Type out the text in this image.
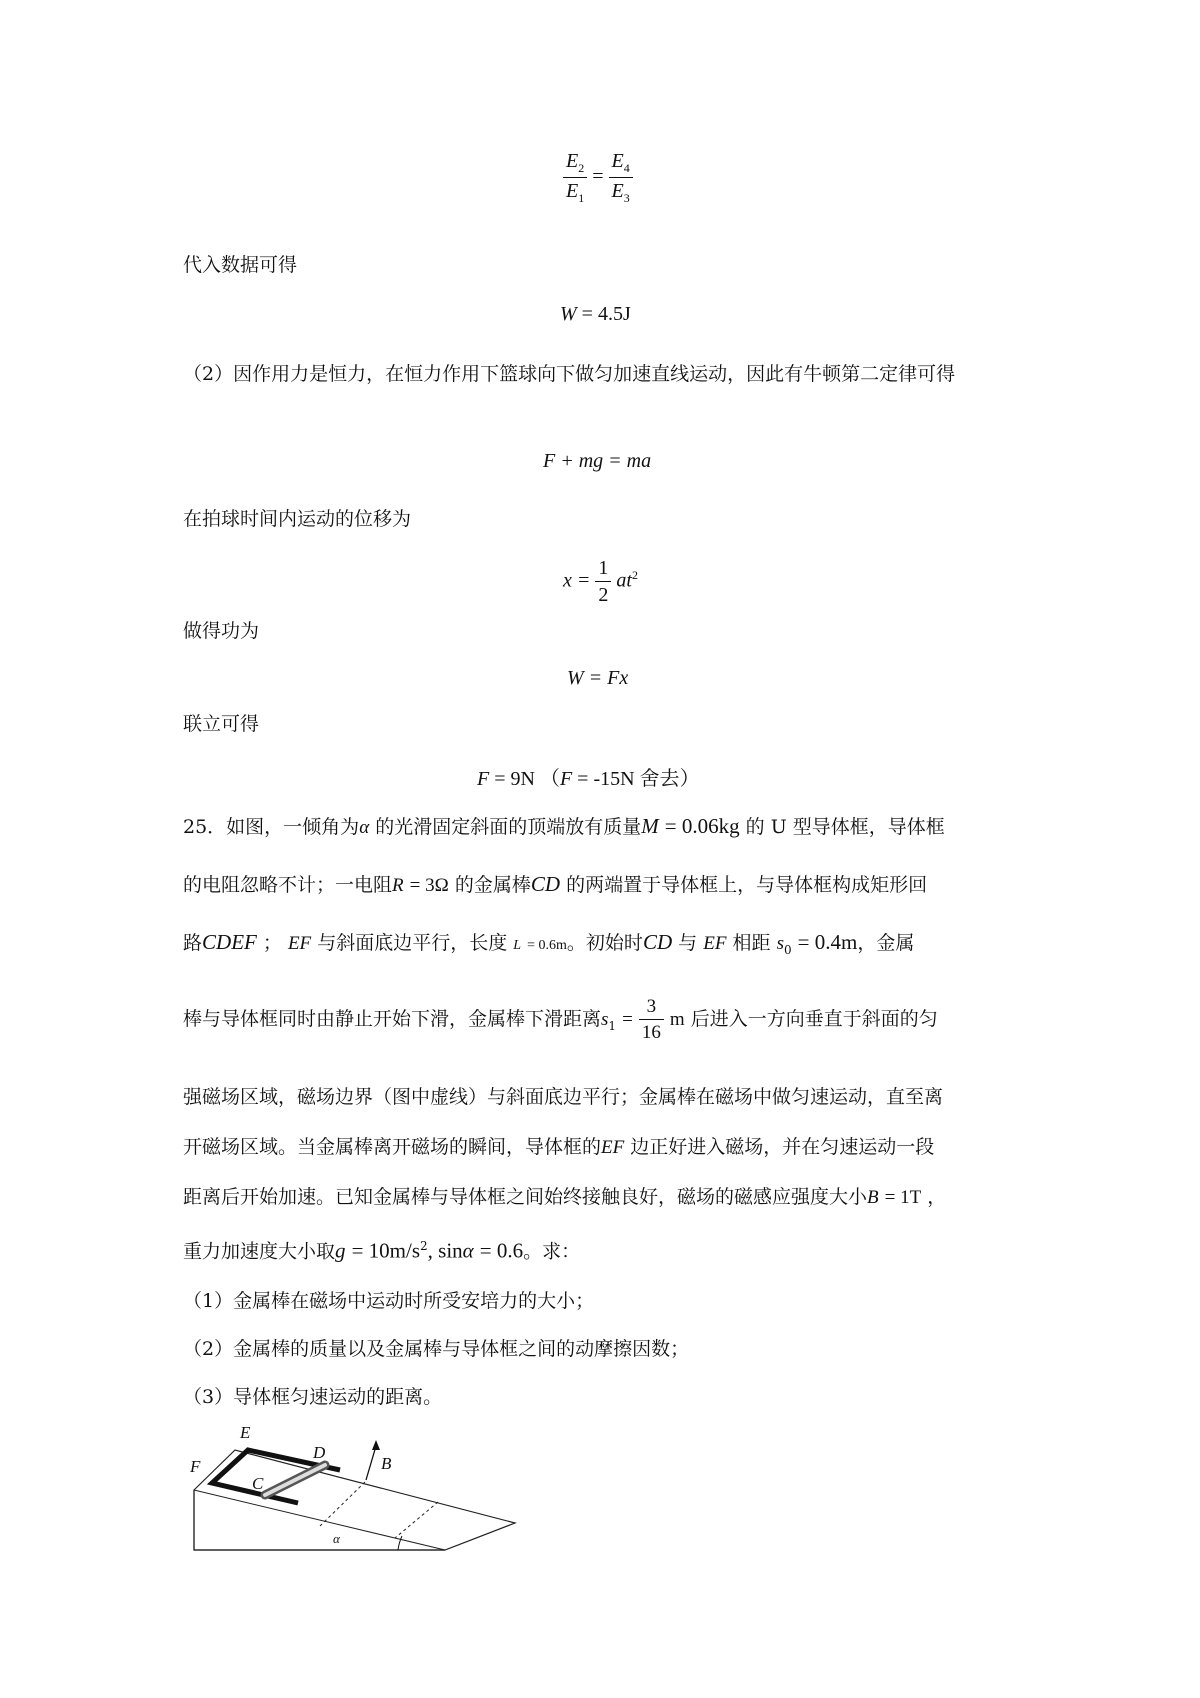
$\frac{E_2}{E_1} = \frac{E_4}{E_3}$
代入数据可得
W = 4.5J
（2）因作用力是恒力，在恒力作用下篮球向下做匀加速直线运动，因此有牛顿第二定律可得
F + mg = ma
在拍球时间内运动的位移为
$x = \frac{1}{2} at^2$
做得功为
W = Fx
联立可得
F = 9N （F = -15N 舍去）
25．如图，一倾角为α 的光滑固定斜面的顶端放有质量M = 0.06kg 的 U 型导体框，导体框
的电阻忽略不计；一电阻R = 3Ω 的金属棒CD 的两端置于导体框上，与导体框构成矩形回
路CDEF ； EF 与斜面底边平行，长度 L = 0.6m。初始时CD 与 EF 相距 $s_0 = 0.4m$，金属
棒与导体框同时由静止开始下滑，金属棒下滑距离$s_1 = \frac{3}{16}$ m 后进入一方向垂直于斜面的匀
强磁场区域，磁场边界（图中虚线）与斜面底边平行；金属棒在磁场中做匀速运动，直至离
开磁场区域。当金属棒离开磁场的瞬间，导体框的EF 边正好进入磁场，并在匀速运动一段
距离后开始加速。已知金属棒与导体框之间始终接触良好，磁场的磁感应强度大小B = 1T ，
重力加速度大小取$g = 10m/s^2$, sinα = 0.6。求：
（1）金属棒在磁场中运动时所受安培力的大小；
（2）金属棒的质量以及金属棒与导体框之间的动摩擦因数；
（3）导体框匀速运动的距离。
E
D
F
C
B
α
